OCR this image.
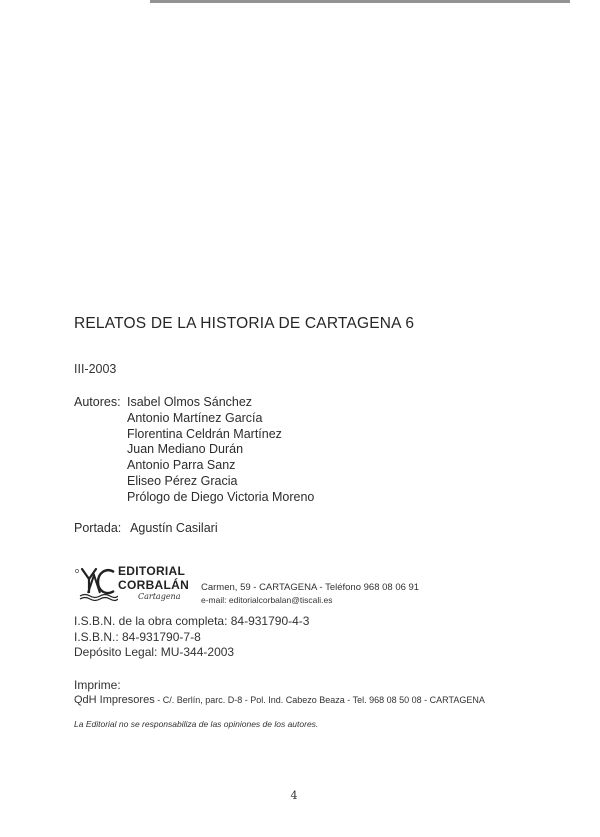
RELATOS DE LA HISTORIA DE CARTAGENA 6
III-2003
Autores: Isabel Olmos Sánchez
Antonio Martínez García
Florentina Celdrán Martínez
Juan Mediano Durán
Antonio Parra Sanz
Eliseo Pérez Gracia
Prólogo de Diego Victoria Moreno
Portada: Agustín Casilari
EDITORIAL
CORBALÁN
Cartagena
Carmen, 59 - CARTAGENA - Teléfono 968 08 06 91
e-mail: editorialcorbalan@tiscali.es
I.S.B.N. de la obra completa: 84-931790-4-3
I.S.B.N.: 84-931790-7-8
Depósito Legal: MU-344-2003
Imprime:
QdH Impresores - C/. Berlín, parc. D-8 - Pol. Ind. Cabezo Beaza - Tel. 968 08 50 08 - CARTAGENA
La Editorial no se responsabiliza de las opiniones de los autores.
4
